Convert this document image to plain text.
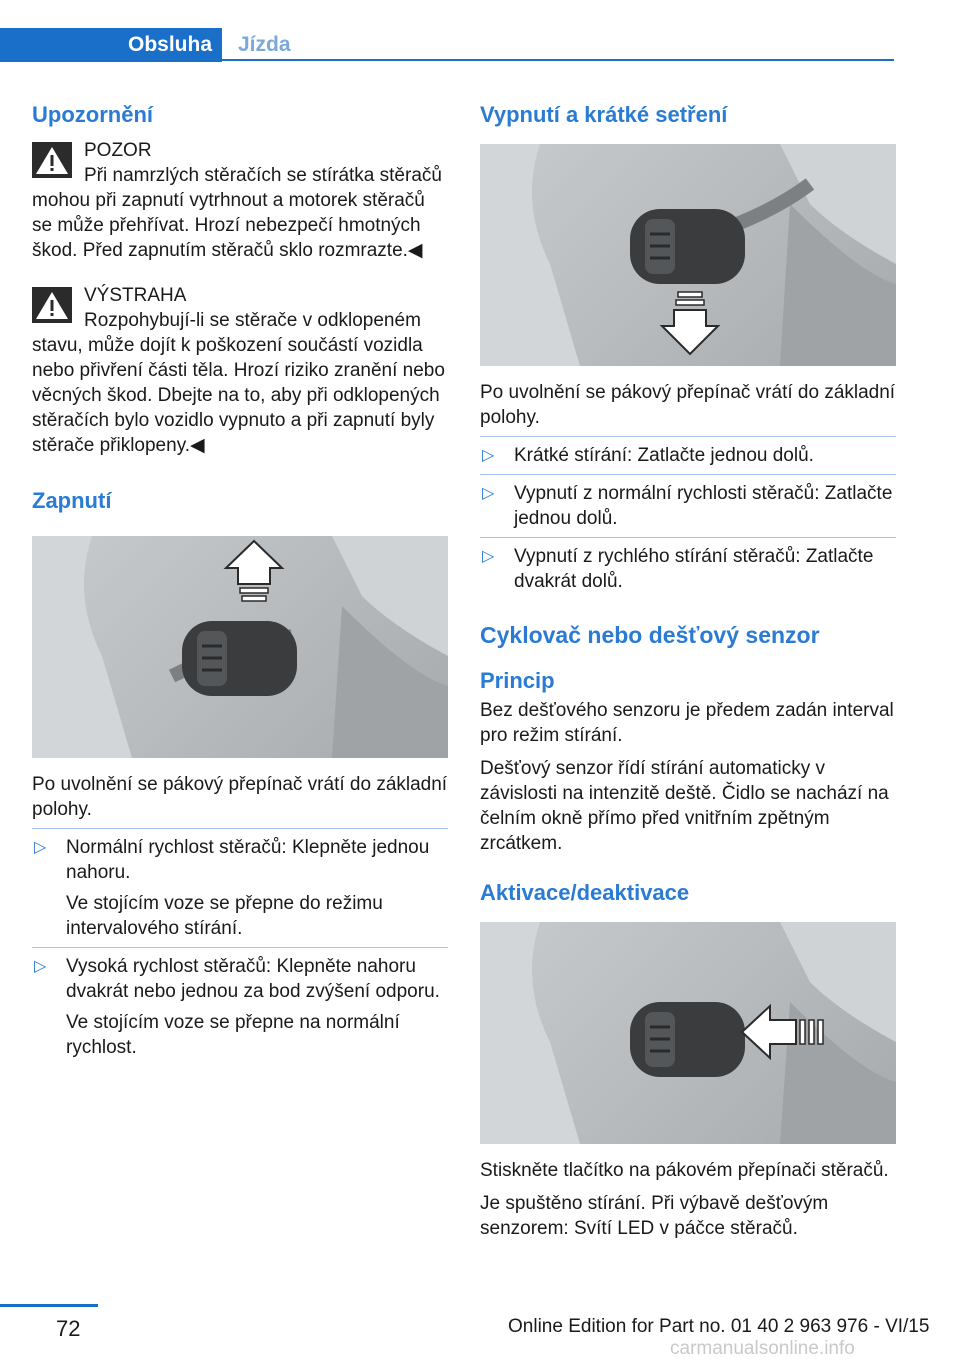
Obsluha	Jízda
Upozornění
POZOR
Při namrzlých stěračích se stírátka stěračů mohou při zapnutí vytrhnout a motorek stěračů se může přehřívat. Hrozí nebezpečí hmotných škod. Před zapnutím stěračů sklo rozmrazte.◀
VÝSTRAHA
Rozpohybují-li se stěrače v odklopeném stavu, může dojít k poškození součástí vozidla nebo přivření části těla. Hrozí riziko zranění nebo věcných škod. Dbejte na to, aby při odklopených stěračích bylo vozidlo vypnuto a při zapnutí byly stěrače přiklopeny.◀
Zapnutí

Po uvolnění se pákový přepínač vrátí do základní polohy.

▷ Normální rychlost stěračů: Klepněte jednou nahoru.
Ve stojícím voze se přepne do režimu intervalového stírání.
▷ Vysoká rychlost stěračů: Klepněte nahoru dvakrát nebo jednou za bod zvýšení odporu.
Ve stojícím voze se přepne na normální rychlost.
Vypnutí a krátké setření

Po uvolnění se pákový přepínač vrátí do základní polohy.

▷ Krátké stírání: Zatlačte jednou dolů.
▷ Vypnutí z normální rychlosti stěračů: Zatlačte jednou dolů.
▷ Vypnutí z rychlého stírání stěračů: Zatlačte dvakrát dolů.
Cyklovač nebo dešťový senzor
Princip

Bez dešťového senzoru je předem zadán interval pro režim stírání.

Dešťový senzor řídí stírání automaticky v závislosti na intenzitě deště. Čidlo se nachází na čelním okně přímo před vnitřním zpětným zrcátkem.

Aktivace/deaktivace

Stiskněte tlačítko na pákovém přepínači stěračů.

Je spuštěno stírání. Při výbavě dešťovým senzorem: Svítí LED v páčce stěračů.

72	Online Edition for Part no. 01 40 2 963 976 - VI/15
carmanualsonline.info
